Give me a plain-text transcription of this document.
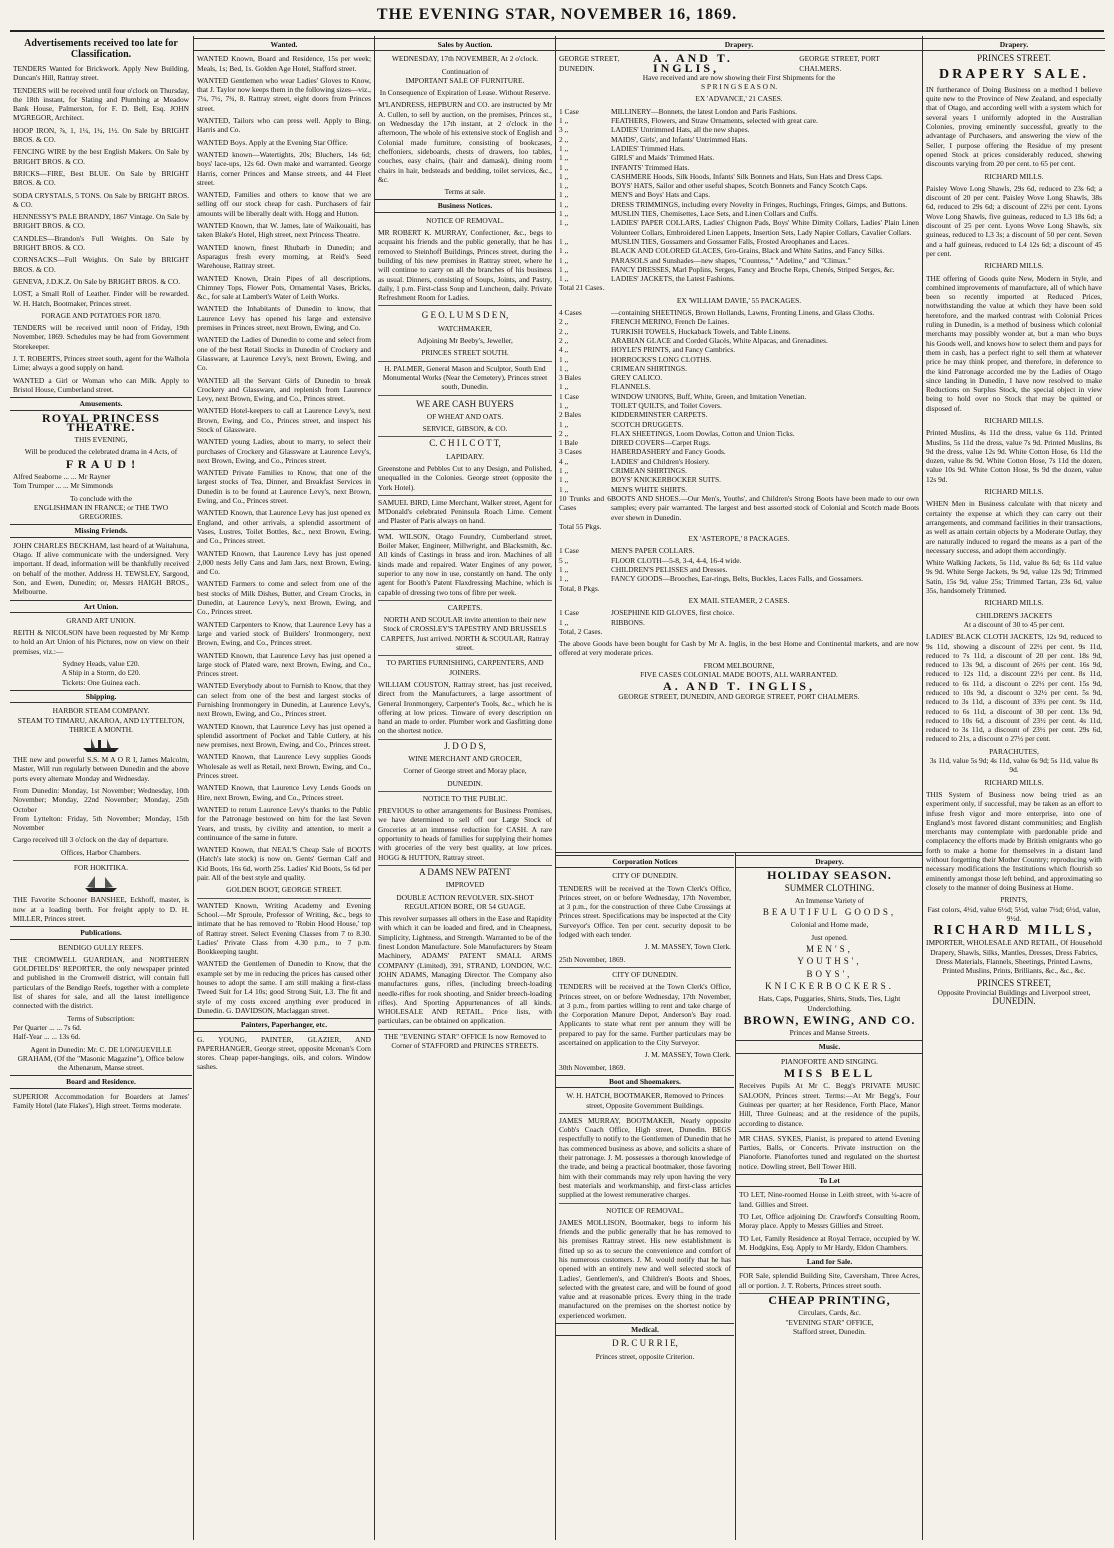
THE EVENING STAR, NOVEMBER 16, 1869.
Advertisements received too late for Classification.
TENDERS Wanted for Brickwork. Apply New Building, Duncan's Hill, Rattray street.
TENDERS will be received until four o'clock on Thursday, the 18th instant, for Slating and Plumbing at Meadow Bank House, Palmerston, for F. D. Bell, Esq. JOHN M'GREGOR, Architect.
HOOP IRON, ⅞, 1, 1¼, 1¼, 1½. On Sale by BRIGHT BROS. & CO.
FENCING WIRE by the best English Makers. On Sale by BRIGHT BROS. & CO.
BRICKS—FIRE, Best BLUE. On Sale by BRIGHT BROS. & CO.
SODA CRYSTALS, 5 TONS. On Sale by BRIGHT BROS. & CO.
HENNESSY'S PALE BRANDY, 1867 Vintage. On Sale by BRIGHT BROS. & CO.
CANDLES—Brandon's Full Weights. On Sale by BRIGHT BROS. & CO.
CORNSACKS—Full Weights. On Sale by BRIGHT BROS. & CO.
GENEVA, J.D.K.Z. On Sale by BRIGHT BROS. & CO.
LOST, a Small Roll of Leather. Finder will be rewarded. W. H. Hatch, Bootmaker, Princes street.
FORAGE AND POTATOES FOR 1870.
TENDERS will be received until noon of Friday, 19th November, 1869. Schedules may be had from Government Storekeeper.
J. T. ROBERTS, Princes street south, agent for the Walhola Lime; always a good supply on hand.
WANTED a Girl or Woman who can Milk. Apply to Bristol House, Cumberland street.
Amusements.
ROYAL PRINCESS THEATRE.
THIS EVENING,
Will be produced the celebrated drama in 4 Acts, of
F R A U D !
Alfred Seaborne ... ... Mr Rayner
Tom Trumper ... ... Mr Simmonds
To conclude with the
ENGLISHMAN IN FRANCE; or THE TWO GREGORIES.
Missing Friends.
JOHN CHARLES BECKHAM, last heard of at Waitahuna, Otago. If alive communicate with the undersigned. Very important. If dead, information will be thankfully received on behalf of the mother. Address H. TEWSLEY, Sargood, Son, and Ewen, Dunedin; or, Messrs HAIGH BROS., Melbourne.
Art Union.
GRAND ART UNION.
REITH & NICOLSON have been requested by Mr Kemp to hold an Art Union of his Pictures, now on view on their premises, viz.:—
Sydney Heads, value £20.
A Ship in a Storm, do £20.
Tickets: One Guinea each.
Shipping.
HARBOR STEAM COMPANY.
STEAM TO TIMARU, AKAROA, AND LYTTELTON,
THRICE A MONTH.
THE new and powerful S.S. M A O R I, James Malcolm, Master, Will run regularly between Dunedin and the above ports every alternate Monday and Wednesday.
From Dunedin: Monday, 1st November; Wednesday, 10th November; Monday, 22nd November; Monday, 25th October
From Lyttelton: Friday, 5th November; Monday, 15th November
Cargo received till 3 o'clock on the day of departure.
Offices, Harbor Chambers.
FOR HOKITIKA.
THE Favorite Schooner BANSHEE, Eckhoff, master, is now at a loading berth. For freight apply to D. H. MILLER, Princes street.
Publications.
BENDIGO GULLY REEFS.
THE CROMWELL GUARDIAN, and NORTHERN GOLDFIELDS' REPORTER, the only newspaper printed and published in the Cromwell district, will contain full particulars of the Bendigo Reefs, together with a complete list of shares for sale, and all the latest intelligence connected with the district.
Terms of Subscription:
Per Quarter ... ... 7s 6d.
Half-Year ... ... 13s 6d.
Agent in Dunedin: Mr. C. DE LONGUEVILLE GRAHAM, (Of the "Masonic Magazine"), Office below the Athenæum, Manse street.
Board and Residence.
SUPERIOR Accommodation for Boarders at James' Family Hotel (late Flakes'), High street. Terms moderate.
Wanted.
WANTED Known, Board and Residence, 15s per week; Meals, 1s; Bed, 1s. Golden Age Hotel, Stafford street.
WANTED Gentlemen who wear Ladies' Gloves to Know, that J. Taylor now keeps them in the following sizes—viz., 7¼, 7½, 7¾, 8. Rattray street, eight doors from Princes street.
WANTED, Tailors who can press well. Apply to Bing, Harris and Co.
WANTED Boys. Apply at the Evening Star Office.
WANTED known—Watertights, 20s; Bluchers, 14s 6d; boys' lace-ups, 12s 6d. Own make and warranted. George Harris, corner Princes and Manse streets, and 44 Fleet street.
WANTED, Families and others to know that we are selling off our stock cheap for cash. Purchasers of fair amounts will be liberally dealt with. Hogg and Hutton.
WANTED Known, that W. James, late of Waikouaiti, has taken Blake's Hotel, High street, next Princess Theatre.
WANTED known, finest Rhubarb in Dunedin; and Asparagus fresh every morning, at Reid's Seed Warehouse, Rattray street.
WANTED Known, Drain Pipes of all descriptions, Chimney Tops, Flower Pots, Ornamental Vases, Bricks, &c., for sale at Lambert's Water of Leith Works.
WANTED the Inhabitants of Dunedin to know, that Laurence Levy has opened his large and extensive premises in Princes street, next Brown, Ewing, and Co.
WANTED the Ladies of Dunedin to come and select from one of the best Retail Stocks in Dunedin of Crockery and Glassware, at Laurence Levy's, next Brown, Ewing, and Co.
WANTED all the Servant Girls of Dunedin to break Crockery and Glassware, and replenish from Laurence Levy, next Brown, Ewing, and Co., Princes street.
WANTED Hotel-keepers to call at Laurence Levy's, next Brown, Ewing, and Co., Princes street, and inspect his Stock of Glassware.
WANTED young Ladies, about to marry, to select their purchases of Crockery and Glassware at Laurence Levy's, next Brown, Ewing, and Co., Princes street.
WANTED Private Families to Know, that one of the largest stocks of Tea, Dinner, and Breakfast Services in Dunedin is to be found at Laurence Levy's, next Brown, Ewing, and Co., Princes street.
WANTED Known, that Laurence Levy has just opened ex England, and other arrivals, a splendid assortment of Vases, Lustres, Toilet Bottles, &c., next Brown, Ewing, and Co., Princes street.
WANTED Known, that Laurence Levy has just opened 2,000 nests Jelly Cans and Jam Jars, next Brown, Ewing, and Co.
WANTED Farmers to come and select from one of the best stocks of Milk Dishes, Butter, and Cream Crocks, in Dunedin, at Laurence Levy's, next Brown, Ewing, and Co., Princes street.
WANTED Carpenters to Know, that Laurence Levy has a large and varied stock of Builders' Ironmongery, next Brown, Ewing, and Co., Princes street.
WANTED Known, that Laurence Levy has just opened a large stock of Plated ware, next Brown, Ewing, and Co., Princes street.
WANTED Everybody about to Furnish to Know, that they can select from one of the best and largest stocks of Furnishing Ironmongery in Dunedin, at Laurence Levy's, next Brown, Ewing, and Co., Princes street.
WANTED Known, that Laurence Levy has just opened a splendid assortment of Pocket and Table Cutlery, at his new premises, next Brown, Ewing, and Co., Princes street.
WANTED Known, that Laurence Levy supplies Goods Wholesale as well as Retail, next Brown, Ewing, and Co., Princes street.
WANTED Known, that Laurence Levy Lends Goods on Hire, next Brown, Ewing, and Co., Princes street.
WANTED to return Laurence Levy's thanks to the Public for the Patronage bestowed on him for the last Seven Years, and trusts, by civility and attention, to merit a continuance of the same in future.
WANTED Known, that NEAL'S Cheap Sale of BOOTS (Hatch's late stock) is now on. Gents' German Calf and Kid Boots, 16s 6d, worth 25s. Ladies' Kid Boots, 5s 6d per pair. All of the best style and quality.
GOLDEN BOOT, GEORGE STREET.
WANTED Known, Writing Academy and Evening School.—Mr Sproule, Professor of Writing, &c., begs to intimate that he has removed to 'Robin Hood House,' top of Rattray street. Select Evening Classes from 7 to 8.30. Ladies' Private Class from 4.30 p.m., to 7 p.m. Bookkeeping taught.
WANTED the Gentlemen of Dunedin to Know, that the example set by me in reducing the prices has caused other houses to adopt the same. I am still making a first-class Tweed Suit for L4 10s; good Strong Suit, L3. The fit and style of my costs exceed anything ever produced in Dunedin. G. DAVIDSON, Maclaggan street.
Painters, Paperhanger, etc.
G. YOUNG, PAINTER, GLAZIER, AND PAPERHANGER, George street, opposite Mcenan's Corn stores. Cheap paper-hangings, oils, and colors. Window sashes.
Sales by Auction.
WEDNESDAY, 17th NOVEMBER, At 2 o'clock.
Continuation of
IMPORTANT SALE OF FURNITURE.
In Consequence of Expiration of Lease. Without Reserve.
M'LANDRESS, HEPBURN and CO. are instructed by Mr A. Cullen, to sell by auction, on the premises, Princes st., on Wednesday the 17th instant, at 2 o'clock in the afternoon, The whole of his extensive stock of English and Colonial made furniture, consisting of bookcases, cheffoniers, sideboards, chests of drawers, loo tables, couches, easy chairs, (hair and damask), dining room chairs in hair, bedsteads and bedding, toilet services, &c., &c.
Terms at sale.
Business Notices.
NOTICE OF REMOVAL.
MR ROBERT K. MURRAY, Confectioner, &c., begs to acquaint his friends and the public generally, that he has removed to Steinhoff Buildings, Princes street, during the building of his new premises in Rattray street, where he will continue to carry on all the branches of his business as usual. Dinners, consisting of Soups, Joints, and Pastry, daily, 1 p.m. First-class Soup and Luncheon, daily. Private Refreshment Room for Ladies.
G E O. L U M S D E N,
WATCHMAKER,
Adjoining Mr Beeby's, Jeweller,
PRINCES STREET SOUTH.
H. PALMER, General Mason and Sculptor, South End Monumental Works (Near the Cemetery), Princes street south, Dunedin.
WE ARE CASH BUYERS
OF WHEAT AND OATS.
SERVICE, GIBSON, & CO.
C. C H I L C O T T,
LAPIDARY.
Greenstone and Pebbles Cut to any Design, and Polished, unequalled in the Colonies. George street (opposite the York Hotel).
SAMUEL BIRD, Lime Merchant, Walker street, Agent for M'Donald's celebrated Peninsula Roach Lime. Cement and Plaster of Paris always on hand.
WM. WILSON, Otago Foundry, Cumberland street, Boiler Maker, Engineer, Millwright, and Blacksmith, &c. All kinds of Castings in brass and iron. Machines of all kinds made and repaired. Water Engines of any power, superior to any now in use, constantly on hand. The only agent for Booth's Patent Flaxdressing Machine, which is capable of dressing two tons of fibre per week.
CARPETS.
NORTH AND SCOULAR invite attention to their new Stock of CROSSLEY'S TAPESTRY AND BRUSSELS CARPETS, Just arrived. NORTH & SCOULAR, Rattray street.
TO PARTIES FURNISHING, CARPENTERS, AND JOINERS.
WILLIAM COUSTON, Rattray street, has just received, direct from the Manufacturers, a large assortment of General Ironmongery, Carpenter's Tools, &c., which he is offering at low prices. Tinware of every description on hand an made to order. Plumber work and Gasfitting done on the shortest notice.
J. D O D S,
WINE MERCHANT AND GROCER,
Corner of George street and Moray place,
DUNEDIN.
NOTICE TO THE PUBLIC.
PREVIOUS to other arrangements for Business Premises, we have determined to sell off our Large Stock of Groceries at an immense reduction for CASH. A rare opportunity to heads of families for supplying their homes with groceries of the very best quality, at low prices. HOGG & HUTTON, Rattray street.
A DAMS NEW PATENT
IMPROVED
DOUBLE ACTION REVOLVER. SIX-SHOT REGULATION BORE, OR 54 GUAGE.
This revolver surpasses all others in the Ease and Rapidity with which it can be loaded and fired, and in Cheapness, Simplicity, Lightness, and Strength. Warranted to be of the finest London Manufacture. Sole Manufacturers by Steam Machinery, ADAMS' PATENT SMALL ARMS COMPANY (Limited), 391, STRAND, LONDON, W.C. JOHN ADAMS, Managing Director. The Company also manufactures guns, rifles, (including breech-loading needle-rifles for rook shooting, and Snider breech-loading rifles). And Sporting Appurtenances of all kinds. WHOLESALE AND RETAIL. Price lists, with particulars, can be obtained on application.
THE "EVENING STAR" OFFICE Is now Removed to Corner of STAFFORD and PRINCES STREETS.
Drapery.
GEORGE STREET, DUNEDIN.
A. AND T. INGLIS,
GEORGE STREET, PORT CHALMERS.
Have received and are now showing their First Shipments for the
S P R I N G S E A S O N.
EX 'ADVANCE,' 21 CASES.
1 Case	MILLINERY—Bonnets, the latest London and Paris Fashions.
1 ,,	FEATHERS, Flowers, and Straw Ornaments, selected with great care.
3 ,,	LADIES' Untrimmed Hats, all the new shapes.
2 ,,	MAIDS', Girls', and Infants' Untrimmed Hats.
1 ,,	LADIES' Trimmed Hats.
1 ,,	GIRLS' and Maids' Trimmed Hats.
1 ,,	INFANTS' Trimmed Hats.
1 ,,	CASHMERE Hoods, Silk Hoods, Infants' Silk Bonnets and Hats, Sun Hats and Dress Caps.
1 ,,	BOYS' HATS, Sailor and other useful shapes, Scotch Bonnets and Fancy Scotch Caps.
1 ,,	MEN'S and Boys' Hats and Caps.
1 ,,	DRESS TRIMMINGS, including every Novelty in Fringes, Ruchings, Fringes, Gimps, and Buttons.
1 ,,	MUSLIN TIES, Chemisettes, Lace Sets, and Linen Collars and Cuffs.
1 ,,	LADIES' PAPER COLLARS, Ladies' Chignon Pads, Boys' White Dimity Collars, Ladies' Plain Linen Volunteer Collars, Embroidered Linen Lappets, Insertion Sets, Lady Napier Collars, Cavalier Collars.
1 ,,	MUSLIN TIES, Gossamers and Gossamer Falls, Frosted Areophanes and Laces.
1 ,,	BLACK AND COLORED GLACES, Gro-Grains, Black and White Satins, and Fancy Silks.
1 ,,	PARASOLS and Sunshades—new shapes, "Countess," "Adeline," and "Climax."
1 ,,	FANCY DRESSES, Marl Poplins, Serges, Fancy and Broche Reps, Chenés, Striped Serges, &c.
1 ,,	LADIES' JACKETS, the Latest Fashions.
Total 21 Cases.
EX 'WILLIAM DAVIE,' 55 PACKAGES.
4 Cases	—containing SHEETINGS, Brown Hollands, Lawns, Fronting Linens, and Glass Cloths.
2 ,,	FRENCH MERINO, French De Laines.
2 ,,	TURKISH TOWELS, Huckaback Towels, and Table Linens.
2 ,,	ARABIAN GLACE and Corded Glacés, White Alpacas, and Grenadines.
4 ,,	HOYLE'S PRINTS, and Fancy Cambrics.
1 ,,	HORROCKS'S LONG CLOTHS.
1 ,,	CRIMEAN SHIRTINGS.
3 Bales	GREY CALICO.
1 ,,	FLANNELS.
1 Case	WINDOW UNIONS, Buff, White, Green, and Imitation Venetian.
1 ,,	TOILET QUILTS, and Toilet Covers.
2 Bales	KIDDERMINSTER CARPETS.
1 ,,	SCOTCH DRUGGETS.
2 ,,	FLAX SHEETINGS, Loom Dowlas, Cotton and Union Ticks.
1 Bale	DIRED COVERS—Carpet Rugs.
3 Cases	HABERDASHERY and Fancy Goods.
4 ,,	LADIES' and Children's Hosiery.
1 ,,	CRIMEAN SHIRTINGS.
1 ,,	BOYS' KNICKERBOCKER SUITS.
1 ,,	MEN'S WHITE SHIRTS.
10 Trunks and 6 Cases
BOOTS AND SHOES.—Our Men's, Youths', and Children's Strong Boots have been made to our own samples; every pair warranted. The largest and best assorted stock of Colonial and Scotch made Boots ever shewn in Dunedin.
Total 55 Pkgs.
EX 'ASTEROPE,' 8 PACKAGES.
1 Case	MEN'S PAPER COLLARS.
5 ,,	FLOOR CLOTH—5-8, 3-4, 4-4, 16-4 wide.
1 ,,	CHILDREN'S PELISSES and Dresses.
1 ,,	FANCY GOODS—Brooches, Ear-rings, Belts, Buckles, Laces Falls, and Gossamers.
Total, 8 Pkgs.
EX MAIL STEAMER, 2 CASES.
1 Case	JOSEPHINE KID GLOVES, first choice.
1 ,,	RIBBONS.
Total, 2 Cases.
The above Goods have been bought for Cash by Mr A. Inglis, in the best Home and Continental markets, and are now offered at very moderate prices.
FROM MELBOURNE,
FIVE CASES COLONIAL MADE BOOTS, ALL WARRANTED.
A. AND T. INGLIS,
GEORGE STREET, DUNEDIN, AND GEORGE STREET, PORT CHALMERS.
Corporation Notices
CITY OF DUNEDIN.
TENDERS will be received at the Town Clerk's Office, Princes street, on or before Wednesday, 17th November, at 3 p.m., for the construction of three Cube Crossings at Princes street. Specifications may be inspected at the City Surveyor's Office. Ten per cent. security deposit to be lodged with each tender.
J. M. MASSEY, Town Clerk.
25th November, 1869.
CITY OF DUNEDIN.
TENDERS will be received at the Town Clerk's Office, Princes street, on or before Wednesday, 17th November, at 3 p.m., from parties willing to rent and take charge of the Corporation Manure Depot, Anderson's Bay road. Applicants to state what rent per annum they will be prepared to pay for the same. Further particulars may be ascertained on application to the City Surveyor.
J. M. MASSEY, Town Clerk.
30th November, 1869.
Boot and Shoemakers.
W. H. HATCH, BOOTMAKER, Removed to Princes street, Opposite Government Buildings.
JAMES MURRAY, BOOTMAKER, Nearly opposite Cobb's Coach Office, High street, Dunedin. BEGS respectfully to notify to the Gentlemen of Dunedin that he has commenced business as above, and solicits a share of their patronage. J. M. possesses a thorough knowledge of the trade, and being a practical bootmaker, those favoring him with their commands may rely upon having the very best materials and workmanship, and first-class articles supplied at the lowest remunerative charges.
NOTICE OF REMOVAL.
JAMES MOLLISON, Bootmaker, begs to inform his friends and the public generally that he has removed to his premises Rattray street. His new establishment is fitted up so as to secure the convenience and comfort of his numerous customers. J. M. would notify that he has opened with an entirely new and well selected stock of Ladies', Gentlemen's, and Children's Boots and Shoes, selected with the greatest care, and will be found of good value and at reasonable prices. Every thing in the trade manufactured on the premises on the shortest notice by experienced workmen.
Medical.
D R. C U R R I E,
Princes street, opposite Criterion.
Drapery.
HOLIDAY SEASON.
SUMMER CLOTHING.
An Immense Variety of
BEAUTIFUL GOODS,
Colonial and Home made,
Just opened.
MEN'S,
YOUTHS',
BOYS',
KNICKERBOCKERS.
Hats, Caps, Puggaries, Shirts, Studs, Ties, Light Underclothing.
BROWN, EWING, AND CO.
Princes and Manse Streets.
Music.
PIANOFORTE AND SINGING.
MISS BELL
Receives Pupils At Mr C. Begg's PRIVATE MUSIC SALOON, Princes street. Terms:—At Mr Begg's, Four Guineas per quarter; at her Residence, Forth Place, Manor Hill, Three Guineas; and at the residence of the pupils, according to distance.
MR CHAS. SYKES, Pianist, is prepared to attend Evening Parties, Balls, or Concerts. Private instruction on the Pianoforte. Pianofortes tuned and regulated on the shortest notice. Dowling street, Bell Tower Hill.
To Let
TO LET, Nine-roomed House in Leith street, with ¼-acre of land. Gillies and Street.
TO Let, Office adjoining Dr. Crawford's Consulting Room, Moray place. Apply to Messrs Gillies and Street.
TO Let, Family Residence at Royal Terrace, occupied by W. M. Hodgkins, Esq. Apply to Mr Hardy, Eldon Chambers.
Land for Sale.
FOR Sale, splendid Building Site, Caversham, Three Acres, all or portion. J. T. Roberts, Princes street south.
CHEAP PRINTING,
Circulars, Cards, &c.
"EVENING STAR" OFFICE,
Stafford street, Dunedin.
Drapery.
PRINCES STREET.
DRAPERY SALE.
IN furtherance of Doing Business on a method I believe quite new to the Province of New Zealand, and especially that of Otago, and according well with a system which for several years I uniformly adopted in the Australian Colonies, proving eminently successful, greatly to the advantage of Purchasers, and answering the view of the Seller, I purpose offering the Residue of my present opened Stock at prices considerably reduced, shewing discounts varying from 20 per cent. to 65 per cent.
RICHARD MILLS.
Paisley Wove Long Shawls, 29s 6d, reduced to 23s 6d; a discount of 20 per cent. Paisley Wove Long Shawls, 38s 6d, reduced to 29s 6d; a discount of 22½ per cent. Lyons Wove Long Shawls, five guineas, reduced to L3 18s 6d; a discount of 25 per cent. Lyons Wove Long Shawls, six guineas, reduced to L3 3s; a discount of 50 per cent. Seven and a half guineas, reduced to L4 12s 6d; a discount of 45 per cent.
RICHARD MILLS.
THE offering of Goods quite New, Modern in Style, and combined improvements of manufacture, all of which have been so recently imported at Reduced Prices, notwithstanding the value at which they have been sold heretofore, and the marked contrast with Colonial Prices ruling in Dunedin, is a method of business which colonial merchants may possibly wonder at, but a man who buys his Goods well, and knows how to select them and pays for them in cash, has a perfect right to sell them at whatever price he may think proper, and therefore, in deference to the kind Patronage accorded me by the Ladies of Otago since landing in Dunedin, I have now resolved to make Reductions on Surplus Stock, the special object in view being to hold over no Stock that may be quitted or disposed of.
RICHARD MILLS.
Printed Muslins, 4s 11d the dress, value 6s 11d. Printed Muslins, 5s 11d the dress, value 7s 9d. Printed Muslins, 8s 9d the dress, value 12s 9d. White Cotton Hose, 6s 11d the dozen, value 8s 9d. White Cotton Hose, 7s 11d the dozen, value 10s 9d. White Cotton Hose, 9s 9d the dozen, value 12s 9d.
RICHARD MILLS.
WHEN Men in Business calculate with that nicety and certainty the expense at which they can carry out their arrangements, and command facilities in their transactions, as well as attain certain objects by a Moderate Outlay, they are naturally induced to regard the means as a part of the necessary success, and adopt them accordingly.
White Walking Jackets, 5s 11d, value 8s 6d; 6s 11d value 9s 9d. White Serge Jackets, 9s 9d, value 12s 9d; Trimmed Satin, 15s 9d, value 25s; Trimmed Tartan, 23s 6d, value 35s, handsomely Trimmed.
RICHARD MILLS.
CHILDREN'S JACKETS
At a discount of 30 to 45 per cent.
LADIES' BLACK CLOTH JACKETS, 12s 9d, reduced to 9s 11d, showing a discount of 22½ per cent. 9s 11d, reduced to 7s 11d, a discount of 20 per cent. 18s 9d, reduced to 13s 9d, a discount of 26½ per cent. 16s 9d, reduced to 12s 11d, a discount 22½ per cent. 8s 11d, reduced to 6s 11d, a discount o 22½ per cent. 15s 9d, reduced to 10s 9d, a discount o 32½ per cent. 5s 9d, reduced to 3s 11d, a discount of 33½ per cent. 9s 11d, reduced to 6s 11d, a discount of 30 per cent. 13s 9d, reduced to 10s 6d, a discount of 23½ per cent. 4s 11d, reduced to 3s 11d, a discount of 23½ per cent. 29s 6d, reduced to 21s, a discount o 27½ per cent.
PARACHUTES,
3s 11d, value 5s 9d; 4s 11d, value 6s 9d; 5s 11d, value 8s 9d.
RICHARD MILLS.
THIS System of Business now being tried as an experiment only, if successful, may be taken as an effort to infuse fresh vigor and more enterprise, into one of England's most favored distant communities; and English merchants may contemplate with pardonable pride and complacency the efforts made by British emigrants who go forth to make a home for themselves in a distant land without forgetting their Mother Country; reproducing with necessary modifications the Institutions which flourish so eminently amongst those left behind, and approximating so closely to the manner of doing Business at Home.
PRINTS,
Fast colors, 4½d, value 6½d; 5½d, value 7½d; 6½d, value, 9½d.
RICHARD MILLS,
IMPORTER, WHOLESALE AND RETAIL, Of Household Drapery, Shawls, Silks, Mantles, Dresses, Dress Fabrics, Dress Materials, Flannels, Sheetings, Printed Lawns, Printed Muslins, Prints, Brilliants, &c., &c., &c.
PRINCES STREET,
Opposite Provincial Buildings and Liverpool street,
DUNEDIN.
